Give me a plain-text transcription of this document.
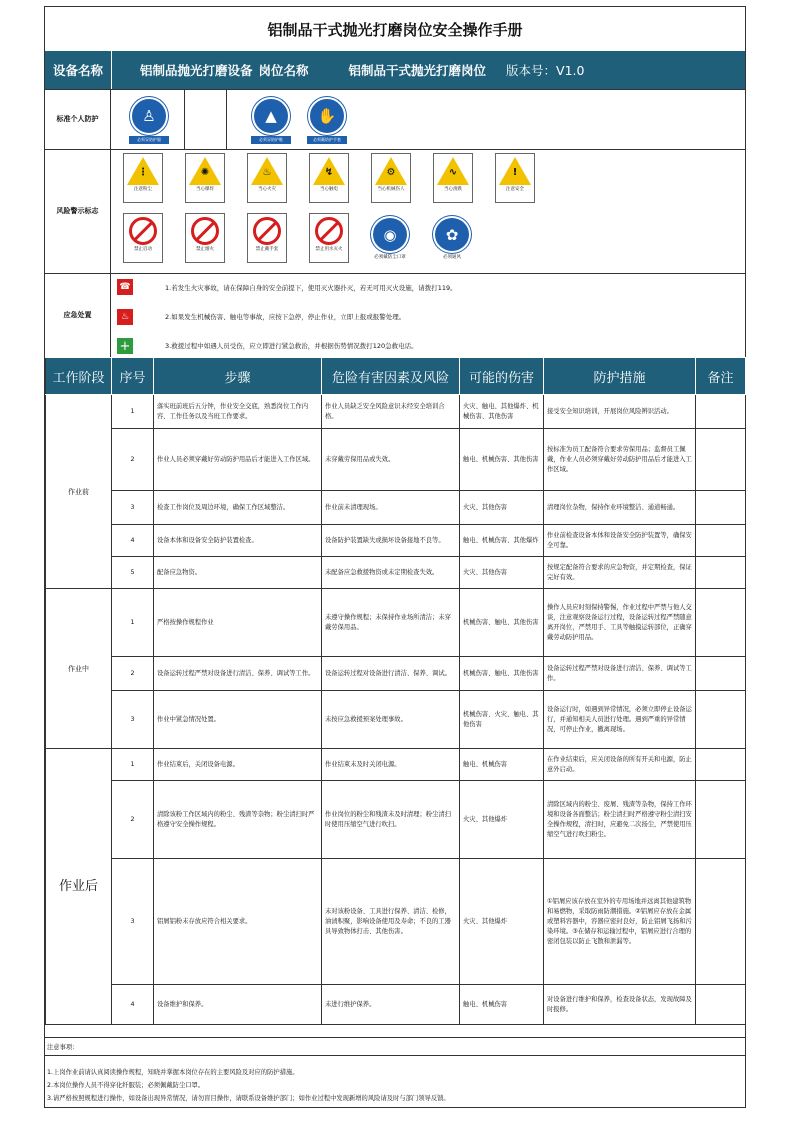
铝制品干式抛光打磨岗位安全操作手册
设备名称	铝制品抛光打磨设备 岗位名称	铝制品干式抛光打磨岗位 版本号：V1.0
标准个人防护	♙
必须穿防护服
▲
必须穿防护鞋
✋
必须戴防护手套
风险警示标志
⋮
注意粉尘
✺
当心爆炸
♨
当心火灾
↯
当心触电
⚙
当心机械伤人
∿
当心滑跌
!
注意安全
禁止启动	禁止烟火	禁止戴手套	禁止用水灭火
◉
必须戴防尘口罩
✿
必须通风
应急处置
☎
♨
+
1.若发生火灾事故，请在保障自身的安全前提下，使用灭火器扑灭，若无可用灭火设施，请拨打119。
2.如果发生机械伤害、触电等事故，应按下急停，停止作业，立即上报或报警处理。
3.救援过程中如遇人员受伤，应立即进行紧急救治，并根据伤势情况拨打120急救电话。
工作阶段	序号	步骤	危险有害因素及风险	可能的伤害	防护措施	备注
作业前	1	落实班前班后五分钟，作业安全交底，熟悉岗位工作内容、工作任务以及当班工作要求。	作业人员缺乏安全风险意识未经安全培训合格。	火灾、触电、其他爆炸、机械伤害、其他伤害	接受安全知识培训，开展岗位风险辨识活动。	
	2	作业人员必须穿戴好劳动防护用品后才能进入工作区域。	未穿戴劳保用品或失效。	触电、机械伤害、其他伤害	按标准为员工配备符合要求劳保用品；监督员工佩戴，作业人员必须穿戴好劳动防护用品后才能进入工作区域。	
	3	检查工作岗位及周边环境，确保工作区域整洁。	作业前未清理现场。	火灾、其他伤害	清理岗位杂物，保持作业环境整洁、通道畅通。	
	4	设备本体和设备安全防护装置检查。	设备防护装置缺失或损坏设备接地不良等。	触电、机械伤害、其他爆炸	作业前检查设备本体和设备安全防护装置等，确保安全可靠。	
	5	配备应急物资。	未配备应急救援物资或未定期检查失效。	火灾、其他伤害	按规定配备符合要求的应急物资，并定期检查，保证完好有效。	
作业中	1	严格按操作规程作业	未遵守操作规程；未保持作业场所清洁；未穿戴劳保用品。	机械伤害、触电、其他伤害	操作人员应时刻保持警惕，作业过程中严禁与他人交谈，注意观察设备运行过程，设备运转过程严禁随意离开岗位，严禁用手、工具等触摸运转部位，正确穿戴劳动防护用品。	
	2	设备运转过程严禁对设备进行清洁、保养、调试等工作。	设备运转过程对设备进行清洁、保养、调试。	机械伤害、触电、其他伤害	设备运转过程严禁对设备进行清洁、保养、调试等工作。	
	3	作业中紧急情况处置。	未按应急救援预案处理事故。	机械伤害、火灾、触电、其他伤害	设备运行时，如遇到异常情况，必须立即停止设备运行，并通知相关人员进行处理。遇到严重的异常情况，可停止作业，撤离现场。	
作业后	1	作业结束后，关闭设备电源。	作业结束未及时关闭电源。	触电、机械伤害	在作业结束后，应关闭设备的所有开关和电源，防止意外启动。	
	2	清除该粉工作区域内的粉尘、残渣等杂物；粉尘清扫时严格遵守安全操作规程。	作业岗位的粉尘和残渣未及时清理；粉尘清扫时使用压缩空气进行吹扫。	火灾、其他爆炸	清除区域内的粉尘、废屑、残渣等杂物，保持工作环境和设备各面整洁；粉尘清扫时严格遵守粉尘清扫安全操作规程，清扫时，应避免二次扬尘，严禁使用压缩空气进行吹扫粉尘。	
	3	铝屑铝粉末存放应符合相关要求。	未对该粉设备、工具进行保养、清洁、检修，油渍积聚，影响设备使用及寿命；不良的工器具导致物体打击、其他伤害。	火灾、其他爆炸	①铝屑应该存放在室外的专用场地并远离其他建筑物和易燃物，采取防雨防潮措施。②铝屑应存放在金属或塑料容器中，容器应密封良好，防止铝屑飞扬和污染环境。③在储存和运输过程中，铝屑应进行合理的密闭包装以防止飞散和泄漏等。	
	4	设备维护和保养。	未进行维护保养。	触电、机械伤害	对设备进行维护和保养，检查设备状态，发现故障及时报修。	
注意事项：
1.上岗作业前请认真阅读操作规程，知晓并掌握本岗位存在的主要风险及对应的防护措施。
2.本岗位操作人员不得穿化纤服装；必须佩戴防尘口罩。
3.请严格按照规程进行操作，如设备出现异常情况，请勿盲目操作，请联系设备维护部门；如作业过程中发现新增的风险请及时与部门领导反馈。
